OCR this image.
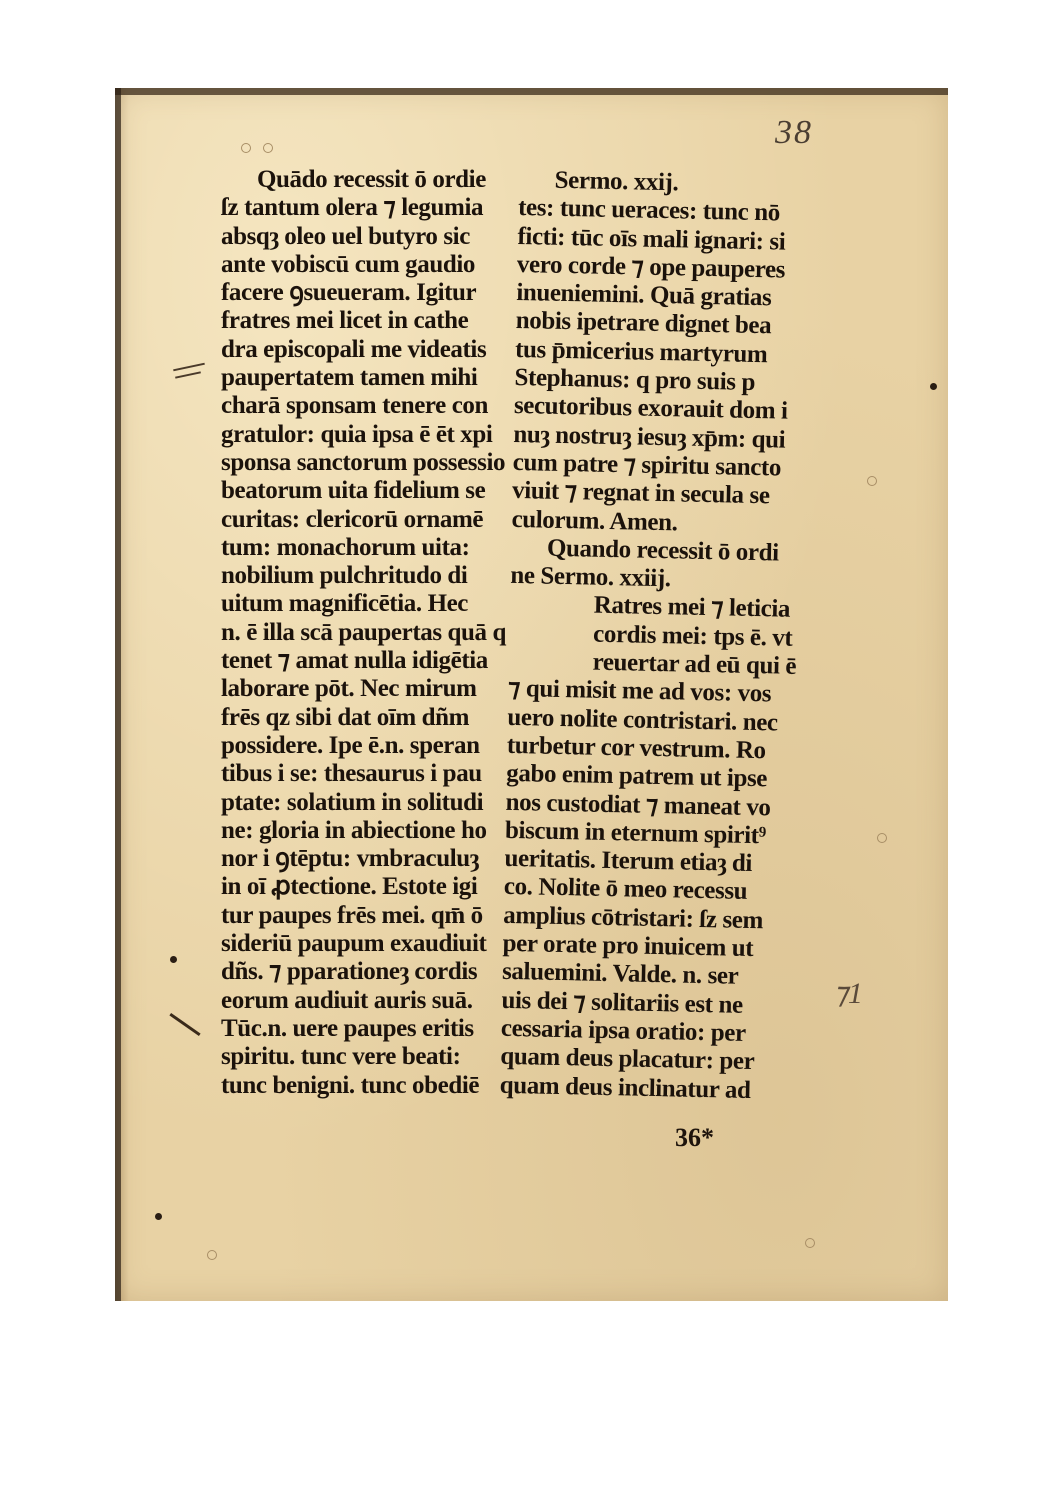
38
⁊1
Quādo recessit ō ordie
ſz tantum olera ⁊ legumia
absqȝ oleo uel butyro sic
ante vobiscū cum gaudio
facere ꝯsueueram. Igitur
fratres mei licet in cathe
dra episcopali me videatis
paupertatem tamen mihi
charā sponsam tenere con
gratulor: quia ipsa ē ēt xpi
sponsa sanctorum possessio
beatorum uita fidelium se
curitas: clericorū ornamē
tum: monachorum uita:
nobilium pulchritudo di
uitum magnificētia. Hec
n. ē illa scā paupertas quā q
tenet ⁊ amat nulla idigētia
laborare pōt. Nec mirum
frēs qz sibi dat oīm dñm
possidere. Ipe ē.n. speran
tibus i se: thesaurus i pau
ptate: solatium in solitudi
ne: gloria in abiectione ho
nor i ꝯtēptu: vmbraculuȝ
in oī ꝓtectione. Estote igi
tur paupes frēs mei. qm̄ ō
sideriū paupum exaudiuit
dñs. ⁊ pparationeȝ cordis
eorum audiuit auris suā.
Tūc.n. uere paupes eritis
spiritu. tunc vere beati:
tunc benigni. tunc obediē
Sermo. xxij.
tes: tunc ueraces: tunc nō
ficti: tūc oīs mali ignari: si
vero corde ⁊ ope pauperes
inueniemini. Quā gratias
nobis ipetrare dignet bea
tus p̄micerius martyrum
Stephanus: q pro suis p
secutoribus exorauit dom i
nuȝ nostruȝ iesuȝ xp̄m: qui
cum patre ⁊ spiritu sancto
viuit ⁊ regnat in secula se
culorum. Amen.
Quando recessit ō ordi
ne Sermo. xxiij.
Ratres mei ⁊ leticia
cordis mei: tps ē. vt
reuertar ad eū qui ē
⁊ qui misit me ad vos: vos
uero nolite contristari. nec
turbetur cor vestrum. Ro
gabo enim patrem ut ipse
nos custodiat ⁊ maneat vo
biscum in eternum spirit⁹
ueritatis. Iterum etiaȝ di
co. Nolite ō meo recessu
amplius cōtristari: ſz sem
per orate pro inuicem ut
saluemini. Valde. n. ser
uis dei ⁊ solitariis est ne
cessaria ipsa oratio: per
quam deus placatur: per
quam deus inclinatur ad
36*
